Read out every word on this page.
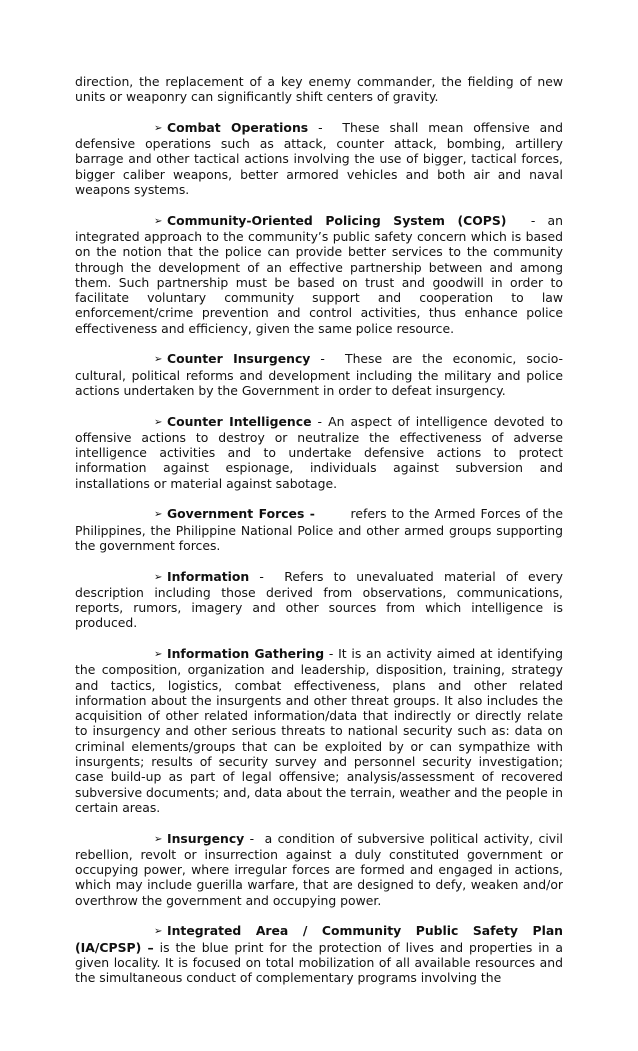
direction, the replacement of a key enemy commander, the fielding of new units or weaponry can significantly shift centers of gravity.

➢ Combat Operations -  These shall mean offensive and defensive operations such as attack, counter attack, bombing, artillery barrage and other tactical actions involving the use of bigger, tactical forces, bigger caliber weapons, better armored vehicles and both air and naval weapons systems.

➢ Community-Oriented Policing System (COPS)  - an integrated approach to the community’s public safety concern which is based on the notion that the police can provide better services to the community through the development of an effective partnership between and among them. Such partnership must be based on trust and goodwill in order to facilitate voluntary community support and cooperation to law enforcement/crime prevention and control activities, thus enhance police effectiveness and efficiency, given the same police resource.

➢ Counter Insurgency -  These are the economic, socio-cultural, political reforms and development including the military and police actions undertaken by the Government in order to defeat insurgency.

➢ Counter Intelligence - An aspect of intelligence devoted to offensive actions to destroy or neutralize the effectiveness of adverse intelligence activities and to undertake defensive actions to protect information against espionage, individuals against subversion and installations or material against sabotage.

➢ Government Forces -	refers to the Armed Forces of the Philippines, the Philippine National Police and other armed groups supporting the government forces.

➢ Information -  Refers to unevaluated material of every description including those derived from observations, communications, reports, rumors, imagery and other sources from which intelligence is produced.

➢ Information Gathering - It is an activity aimed at identifying the composition, organization and leadership, disposition, training, strategy and tactics, logistics, combat effectiveness, plans and other related information about the insurgents and other threat groups. It also includes the acquisition of other related information/data that indirectly or directly relate to insurgency and other serious threats to national security such as: data on criminal elements/groups that can be exploited by or can sympathize with insurgents; results of security survey and personnel security investigation; case build-up as part of legal offensive; analysis/assessment of recovered subversive documents; and, data about the terrain, weather and the people in certain areas.

➢ Insurgency -  a condition of subversive political activity, civil rebellion, revolt or insurrection against a duly constituted government or occupying power, where irregular forces are formed and engaged in actions, which may include guerilla warfare, that are designed to defy, weaken and/or overthrow the government and occupying power.

➢ Integrated Area / Community Public Safety Plan (IA/CPSP) – is the blue print for the protection of lives and properties in a given locality. It is focused on total mobilization of all available resources and the simultaneous conduct of complementary programs involving the
